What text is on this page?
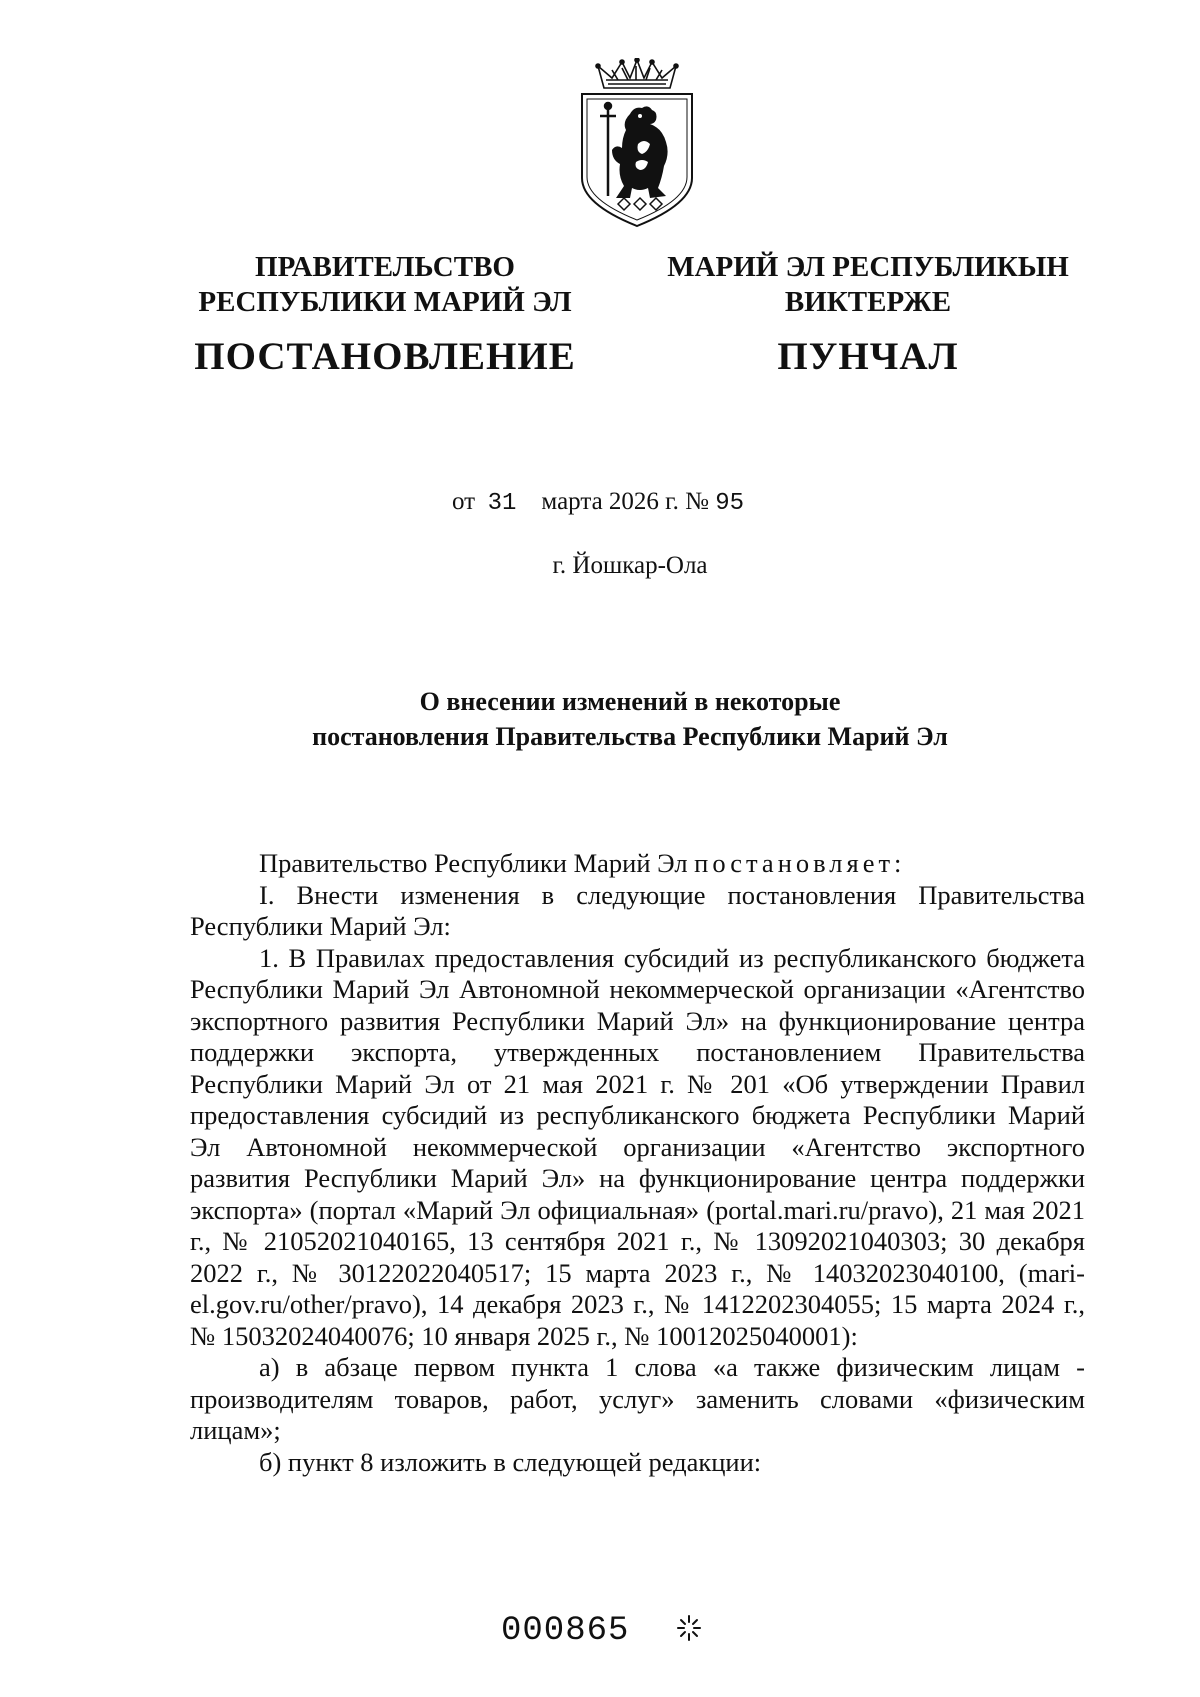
ПРАВИТЕЛЬСТВО
РЕСПУБЛИКИ МАРИЙ ЭЛ
ПОСТАНОВЛЕНИЕ
МАРИЙ ЭЛ РЕСПУБЛИКЫН
ВИКТЕРЖЕ
ПУНЧАЛ
от 31 марта 2026 г. № 95
г. Йошкар-Ола
О внесении изменений в некоторые
постановления Правительства Республики Марий Эл

Правительство Республики Марий Эл постановляет:

I. Внести изменения в следующие постановления Правительства Республики Марий Эл:

1. В Правилах предоставления субсидий из республиканского бюджета Республики Марий Эл Автономной некоммерческой организации «Агентство экспортного развития Республики Марий Эл» на функционирование центра поддержки экспорта, утвержденных постановлением Правительства Республики Марий Эл от 21 мая 2021 г. № 201 «Об утверждении Правил предоставления субсидий из республиканского бюджета Республики Марий Эл Автономной некоммерческой организации «Агентство экспортного развития Республики Марий Эл» на функционирование центра поддержки экспорта» (портал «Марий Эл официальная» (portal.mari.ru/pravo), 21 мая 2021 г., № 21052021040165, 13 сентября 2021 г., № 13092021040303; 30 декабря 2022 г., № 30122022040517; 15 марта 2023 г., № 14032023040100, (mari-el.gov.ru/other/pravo), 14 декабря 2023 г., № 1412202304055; 15 марта 2024 г., № 15032024040076; 10 января 2025 г., № 10012025040001):

а) в абзаце первом пункта 1 слова «а также физическим лицам - производителям товаров, работ, услуг» заменить словами «физическим лицам»;

б) пункт 8 изложить в следующей редакции:

000865
